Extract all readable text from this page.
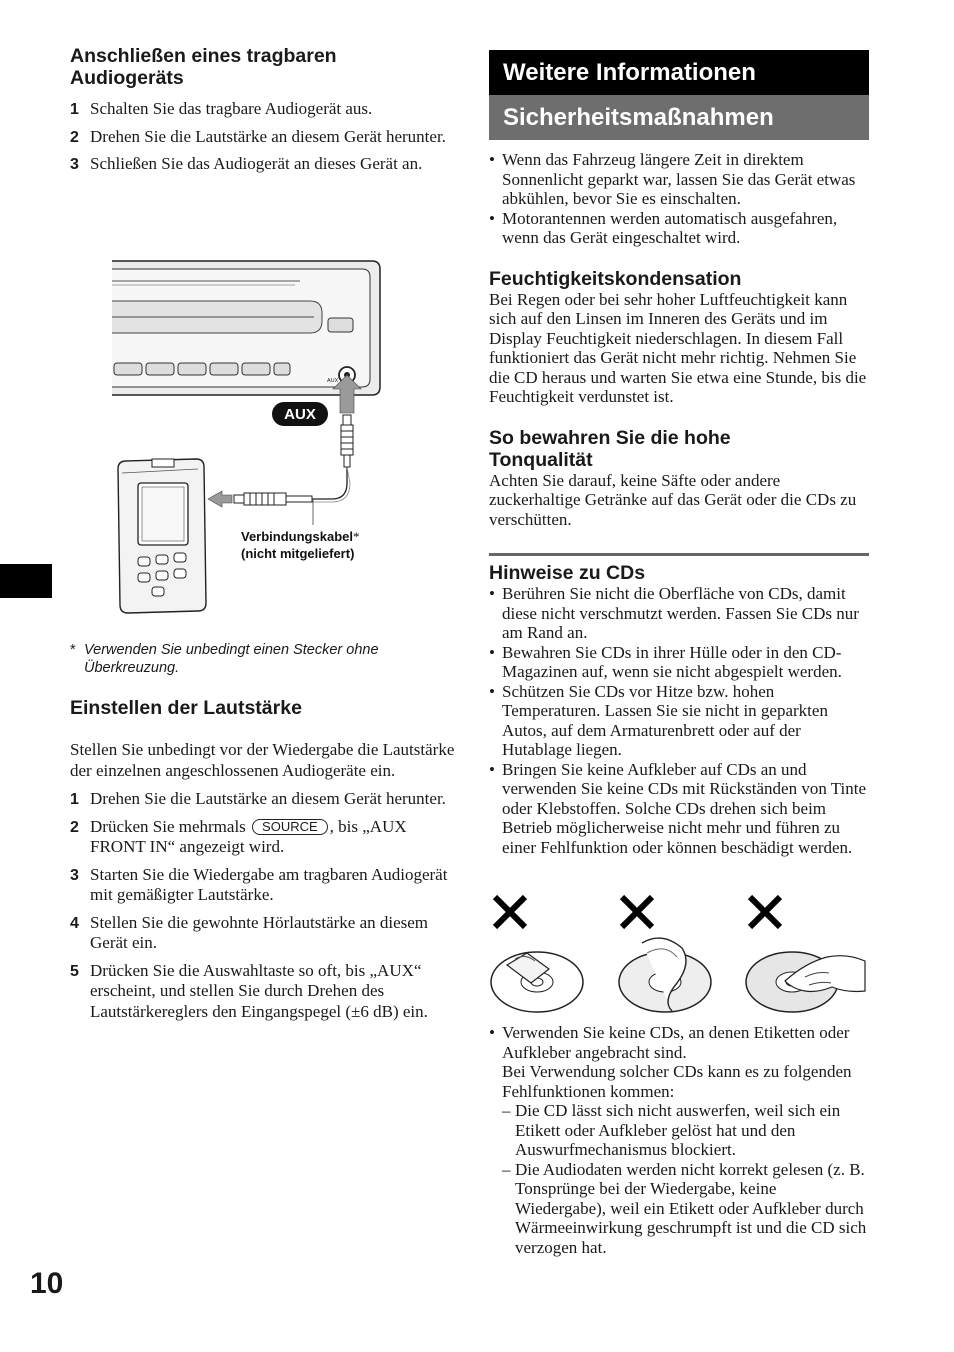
Anschließen eines tragbaren Audiogeräts
1 Schalten Sie das tragbare Audiogerät aus.
2 Drehen Sie die Lautstärke an diesem Gerät herunter.
3 Schließen Sie das Audiogerät an dieses Gerät an.
AUX
AUX
Verbindungskabel*
(nicht mitgeliefert)
* Verwenden Sie unbedingt einen Stecker ohne Überkreuzung.
Einstellen der Lautstärke

Stellen Sie unbedingt vor der Wiedergabe die Lautstärke der einzelnen angeschlossenen Audiogeräte ein.

1 Drehen Sie die Lautstärke an diesem Gerät herunter.
2 Drücken Sie mehrmals SOURCE , bis „AUX FRONT IN“ angezeigt wird.
3 Starten Sie die Wiedergabe am tragbaren Audiogerät mit gemäßigter Lautstärke.
4 Stellen Sie die gewohnte Hörlautstärke an diesem Gerät ein.
5 Drücken Sie die Auswahltaste so oft, bis „AUX“ erscheint, und stellen Sie durch Drehen des Lautstärkereglers den Eingangspegel (±6 dB) ein.
Weitere Informationen
Sicherheitsmaßnahmen
• Wenn das Fahrzeug längere Zeit in direktem Sonnenlicht geparkt war, lassen Sie das Gerät etwas abkühlen, bevor Sie es einschalten.
• Motorantennen werden automatisch ausgefahren, wenn das Gerät eingeschaltet wird.
Feuchtigkeitskondensation

Bei Regen oder bei sehr hoher Luftfeuchtigkeit kann sich auf den Linsen im Inneren des Geräts und im Display Feuchtigkeit niederschlagen. In diesem Fall funktioniert das Gerät nicht mehr richtig. Nehmen Sie die CD heraus und warten Sie etwa eine Stunde, bis die Feuchtigkeit verdunstet ist.

So bewahren Sie die hohe Tonqualität

Achten Sie darauf, keine Säfte oder andere zuckerhaltige Getränke auf das Gerät oder die CDs zu verschütten.

Hinweise zu CDs
• Berühren Sie nicht die Oberfläche von CDs, damit diese nicht verschmutzt werden. Fassen Sie CDs nur am Rand an.
• Bewahren Sie CDs in ihrer Hülle oder in den CD-Magazinen auf, wenn sie nicht abgespielt werden.
• Schützen Sie CDs vor Hitze bzw. hohen Temperaturen. Lassen Sie sie nicht in geparkten Autos, auf dem Armaturenbrett oder auf der Hutablage liegen.
• Bringen Sie keine Aufkleber auf CDs an und verwenden Sie keine CDs mit Rückständen von Tinte oder Klebstoffen. Solche CDs drehen sich beim Betrieb möglicherweise nicht mehr und führen zu einer Fehlfunktion oder können beschädigt werden.
• Verwenden Sie keine CDs, an denen Etiketten oder Aufkleber angebracht sind.
Bei Verwendung solcher CDs kann es zu folgenden Fehlfunktionen kommen:
– Die CD lässt sich nicht auswerfen, weil sich ein Etikett oder Aufkleber gelöst hat und den Auswurfmechanismus blockiert.
– Die Audiodaten werden nicht korrekt gelesen (z. B. Tonsprünge bei der Wiedergabe, keine Wiedergabe), weil ein Etikett oder Aufkleber durch Wärmeeinwirkung geschrumpft ist und die CD sich verzogen hat.
10
